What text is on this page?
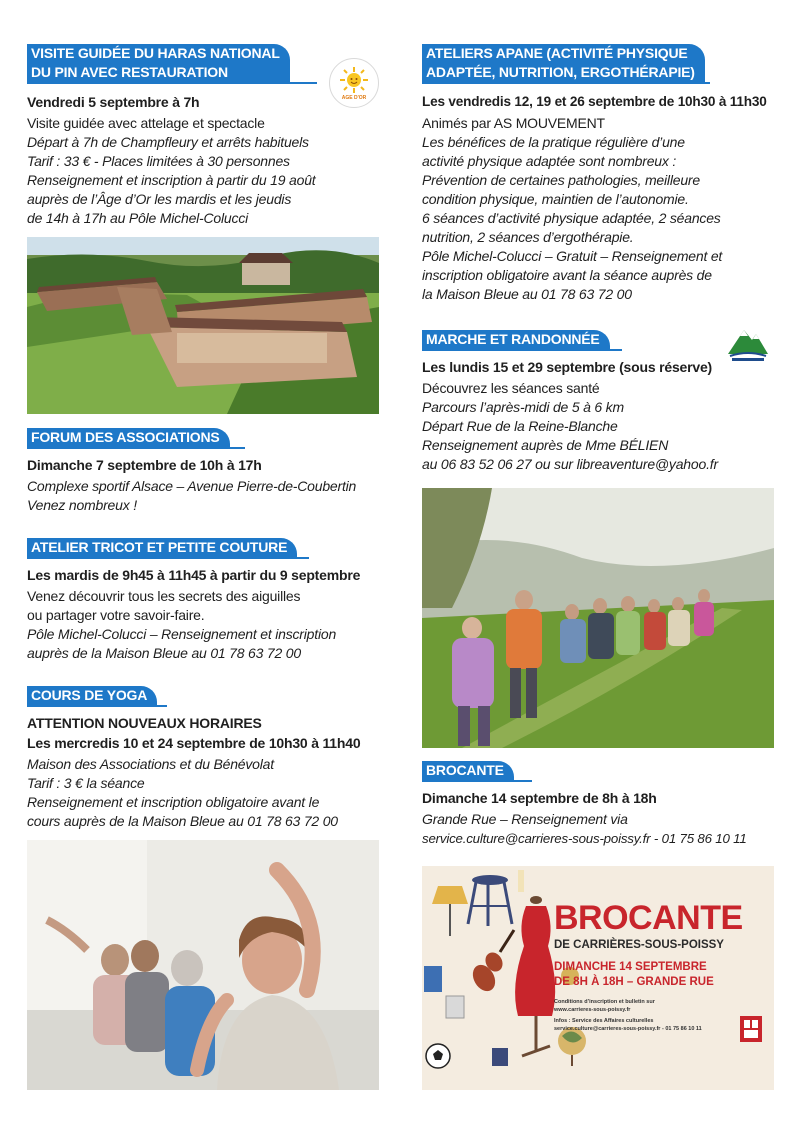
VISITE GUIDÉE DU HARAS NATIONAL
DU PIN AVEC RESTAURATION
AGE D'OR
Vendredi 5 septembre à 7h
Visite guidée avec attelage et spectacle
Départ à 7h de Champfleury et arrêts habituels
Tarif : 33 € - Places limitées à 30 personnes
Renseignement et inscription à partir du 19 août
auprès de l’Âge d’Or les mardis et les jeudis
de 14h à 17h au Pôle Michel-Colucci
FORUM DES ASSOCIATIONS
Dimanche 7 septembre de 10h à 17h
Complexe sportif Alsace – Avenue Pierre-de-Coubertin
Venez nombreux !
ATELIER TRICOT ET PETITE COUTURE
Les mardis de 9h45 à 11h45 à partir du 9 septembre
Venez découvrir tous les secrets des aiguilles
ou partager votre savoir-faire.
Pôle Michel-Colucci – Renseignement et inscription
auprès de la Maison Bleue au 01 78 63 72 00
COURS DE YOGA
ATTENTION NOUVEAUX HORAIRES
Les mercredis 10 et 24 septembre de 10h30 à 11h40
Maison des Associations et du Bénévolat
Tarif : 3 € la séance
Renseignement et inscription obligatoire avant le
cours auprès de la Maison Bleue au 01 78 63 72 00
ATELIERS APANE (ACTIVITÉ PHYSIQUE
ADAPTÉE, NUTRITION, ERGOTHÉRAPIE)
Les vendredis 12, 19 et 26 septembre de 10h30 à 11h30
Animés par AS MOUVEMENT
Les bénéfices de la pratique régulière d’une
activité physique adaptée sont nombreux :
Prévention de certaines pathologies, meilleure
condition physique, maintien de l’autonomie.
6 séances d’activité physique adaptée, 2 séances
nutrition, 2 séances d’ergothérapie.
Pôle Michel-Colucci – Gratuit – Renseignement et
inscription obligatoire avant la séance auprès de
la Maison Bleue au 01 78 63 72 00
MARCHE ET RANDONNÉE
Les lundis 15 et 29 septembre (sous réserve)
Découvrez les séances santé
Parcours l’après-midi de 5 à 6 km
Départ Rue de la Reine-Blanche
Renseignement auprès de Mme BÉLIEN
au 06 83 52 06 27 ou sur libreaventure@yahoo.fr
BROCANTE
Dimanche 14 septembre de 8h à 18h
Grande Rue – Renseignement via
service.culture@carrieres-sous-poissy.fr - 01 75 86 10 11
BROCANTE
DE CARRIÈRES-SOUS-POISSY
DIMANCHE 14 SEPTEMBRE
DE 8H À 18H – GRANDE RUE
Conditions d’inscription et bulletin sur
www.carrieres-sous-poissy.fr
Infos : Service des Affaires culturelles
service.culture@carrieres-sous-poissy.fr - 01 75 86 10 11
